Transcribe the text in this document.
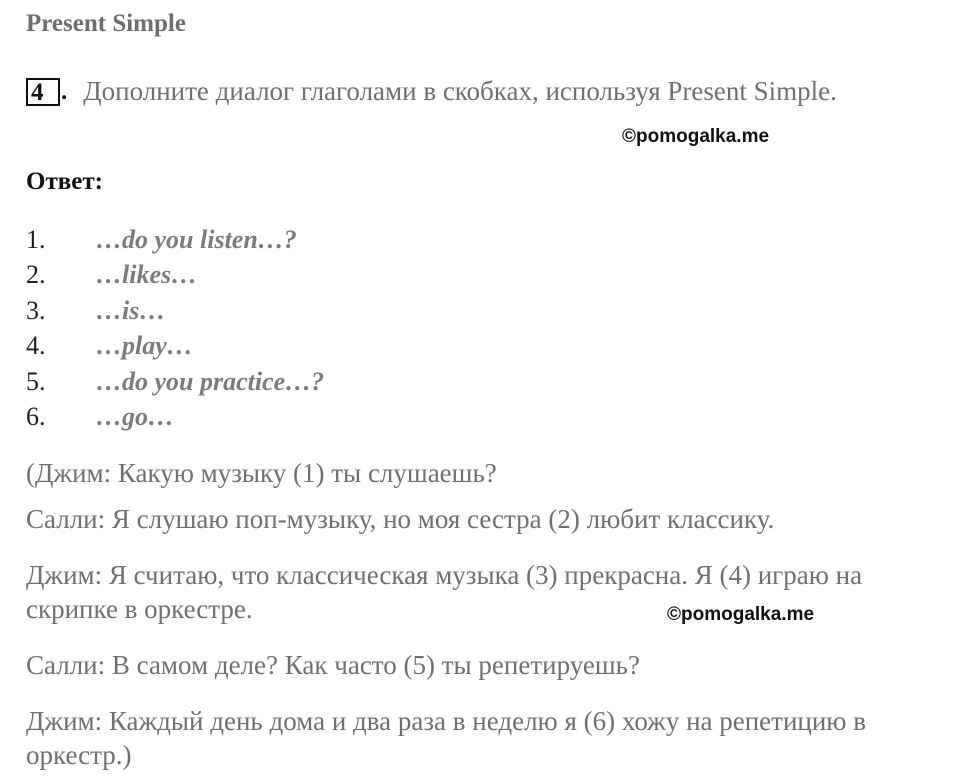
Present Simple
4 . Дополните диалог глаголами в скобках, используя Present Simple.
©pomogalka.me
Ответ:
1.	…do you listen…?
2.	…likes…
3.	…is…
4.	…play…
5.	…do you practice…?
6.	…go…
(Джим: Какую музыку (1) ты слушаешь?
Салли: Я слушаю поп-музыку, но моя сестра (2) любит классику.
Джим: Я считаю, что классическая музыка (3) прекрасна. Я (4) играю на
скрипке в оркестре.	©pomogalka.me
Салли: В самом деле? Как часто (5) ты репетируешь?
Джим: Каждый день дома и два раза в неделю я (6) хожу на репетицию в
оркестр.)
